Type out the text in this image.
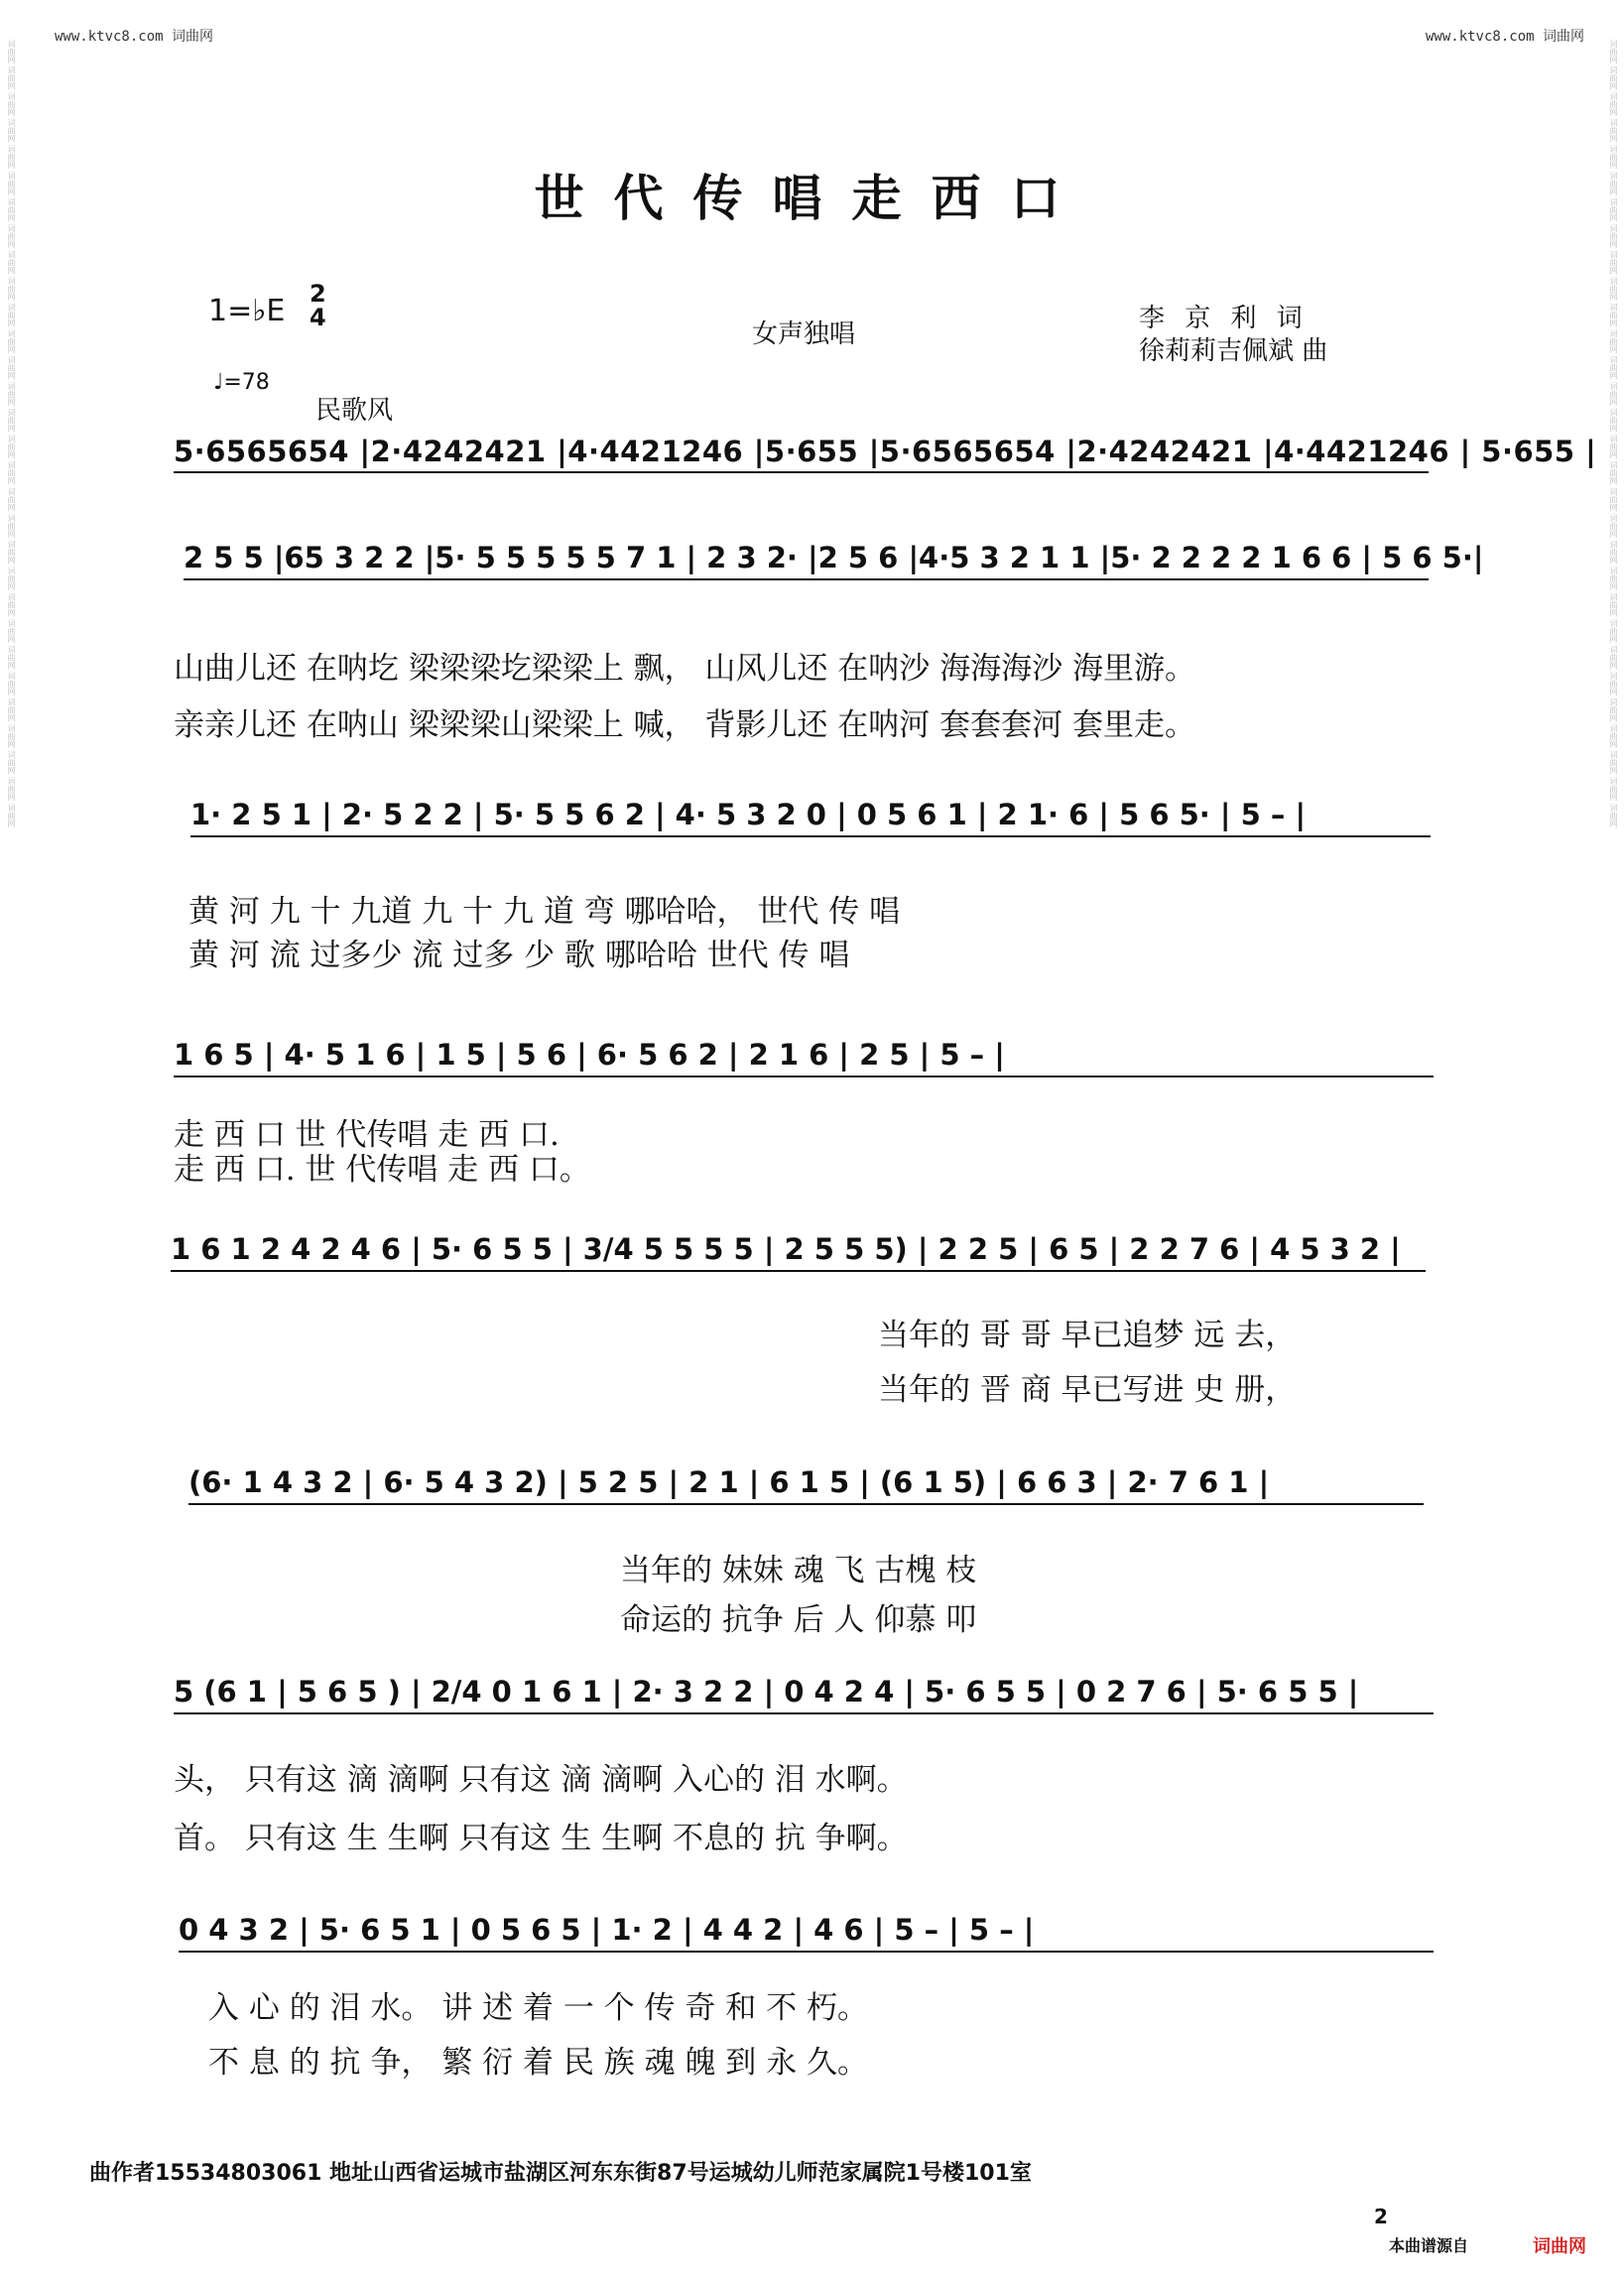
www.ktvc8.com 词曲网	www.ktvc8.com 词曲网
词曲网 词曲网 词曲网 词曲网 词曲网 词曲网 词曲网 词曲网 词曲网 词曲网 词曲网 词曲网 词曲网 词曲网 词曲网 词曲网 词曲网 词曲网 词曲网 词曲网 词曲网 词曲网 词曲网 词曲网 词曲网 词曲网 词曲网 词曲网 词曲网 词曲网	词曲网 词曲网 词曲网 词曲网 词曲网 词曲网 词曲网 词曲网 词曲网 词曲网 词曲网 词曲网 词曲网 词曲网 词曲网 词曲网 词曲网 词曲网 词曲网 词曲网 词曲网 词曲网 词曲网 词曲网 词曲网 词曲网 词曲网 词曲网 词曲网 词曲网
世代传唱走西口
1=♭E 2
4
♩=78
民歌风
女声独唱
李 京 利 词
徐莉莉吉佩斌 曲
5·6565654 |2·4242421 |4·4421246 |5·655 |5·6565654 |2·4242421 |4·4421246 | 5·655 |
2 5 5 |65 3 2 2 |5· 5 5 5 5 5 7 1 | 2 3 2· |2 5 6 |4·5 3 2 1 1 |5· 2 2 2 2 1 6 6 | 5 6 5·|
山曲儿还 在呐圪 梁梁梁圪梁梁上 飘， 山风儿还 在呐沙 海海海沙 海里游。
亲亲儿还 在呐山 梁梁梁山梁梁上 喊， 背影儿还 在呐河 套套套河 套里走。
1· 2 5 1 | 2· 5 2 2 | 5· 5 5 6 2 | 4· 5 3 2 0 | 0 5 6 1 | 2 1· 6 | 5 6 5· | 5 – |
黄 河 九 十 九道 九 十 九 道 弯 哪哈哈， 世代 传 唱
黄 河 流 过多少 流 过多 少 歌 哪哈哈 世代 传 唱
1 6 5 | 4· 5 1 6 | 1 5 | 5 6 | 6· 5 6 2 | 2 1 6 | 2 5 | 5 – |
走 西 口 世 代传唱 走 西 口.
走 西 口. 世 代传唱 走 西 口。
1 6 1 2 4 2 4 6 | 5· 6 5 5 | 3/4 5 5 5 5 | 2 5 5 5) | 2 2 5 | 6 5 | 2 2 7 6 | 4 5 3 2 |
当年的 哥 哥 早已追梦 远 去，
当年的 晋 商 早已写进 史 册，
(6· 1 4 3 2 | 6· 5 4 3 2) | 5 2 5 | 2 1 | 6 1 5 | (6 1 5) | 6 6 3 | 2· 7 6 1 |
当年的 妹妹 魂 飞 古槐 枝
命运的 抗争 后 人 仰慕 叩
5 (6 1 | 5 6 5 ) | 2/4 0 1 6 1 | 2· 3 2 2 | 0 4 2 4 | 5· 6 5 5 | 0 2 7 6 | 5· 6 5 5 |
头， 只有这 滴 滴啊 只有这 滴 滴啊 入心的 泪 水啊。
首。 只有这 生 生啊 只有这 生 生啊 不息的 抗 争啊。
0 4 3 2 | 5· 6 5 1 | 0 5 6 5 | 1· 2 | 4 4 2 | 4 6 | 5 – | 5 – |
入 心 的 泪 水。 讲 述 着 一 个 传 奇 和 不 朽。
不 息 的 抗 争， 繁 衍 着 民 族 魂 魄 到 永 久。
曲作者15534803061 地址山西省运城市盐湖区河东东街87号运城幼儿师范家属院1号楼101室
2
本曲谱源自	词曲网
